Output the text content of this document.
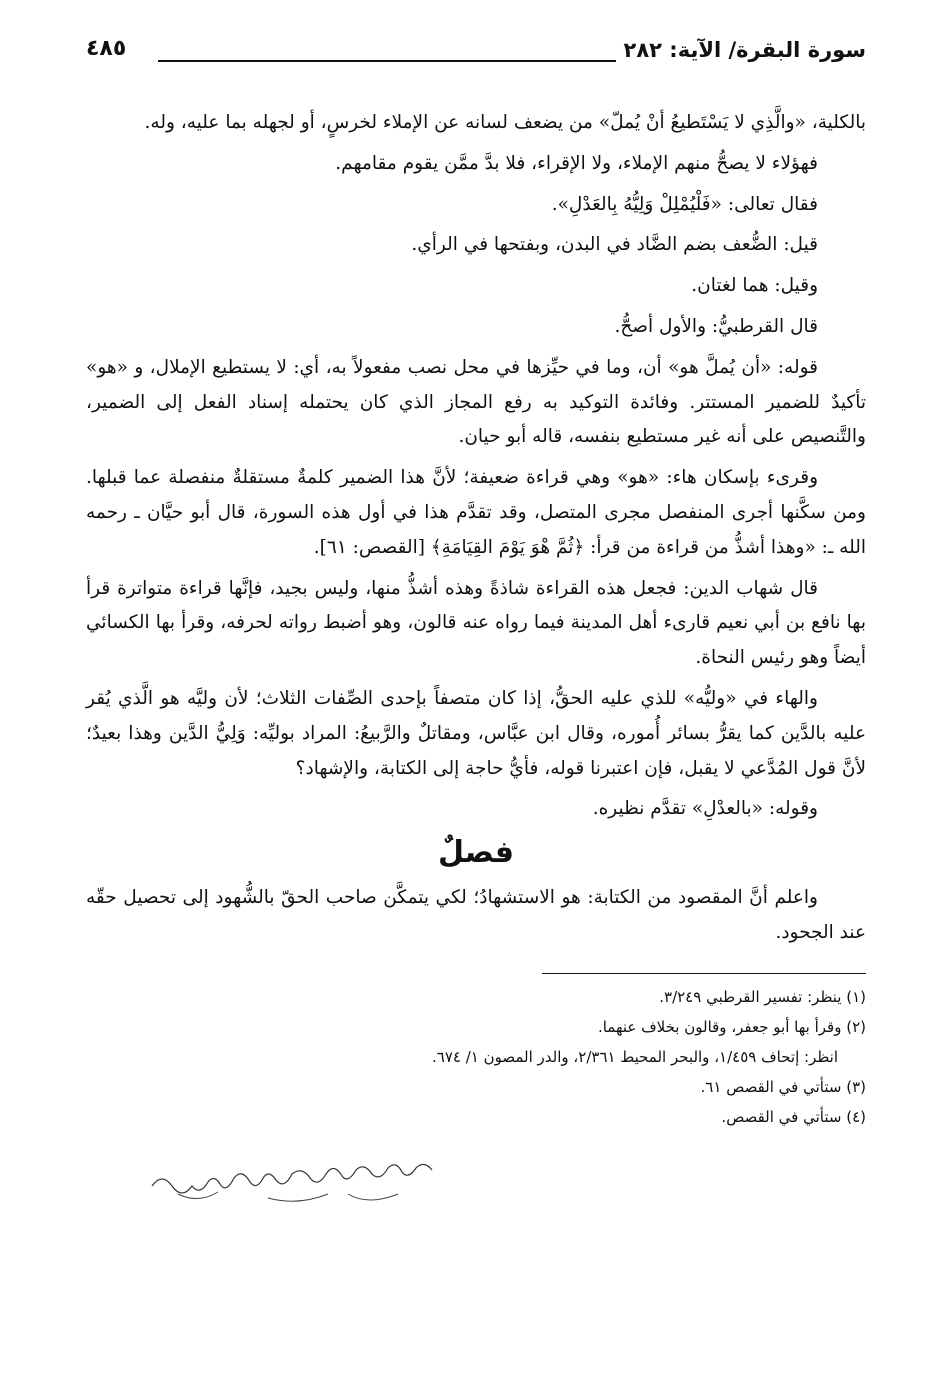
سورة البقرة/ الآية: ٢٨٢
٤٨٥

بالكلية، «والَّذِي لا يَسْتَطيعُ أنْ يُملّ» من يضعف لسانه عن الإملاء لخرسٍ، أو لجهله بما عليه، وله.

فهؤلاء لا يصحُّ منهم الإملاء، ولا الإقراء، فلا بدَّ ممَّن يقوم مقامهم.

فقال تعالى: «فَلْيُمْلِلْ وَلِيُّهُ بِالعَدْلِ».

قيل: الضُّعف بضم الضَّاد في البدن، وبفتحها في الرأي.

وقيل: هما لغتان.

قال القرطبيُّ: والأول أصحُّ.

قوله: «أن يُملَّ هو» أن، وما في حيِّزها في محل نصب مفعولاً به، أي: لا يستطيع الإملال، و «هو» تأكيدٌ للضمير المستتر. وفائدة التوكيد به رفع المجاز الذي كان يحتمله إسناد الفعل إلى الضمير، والتَّنصيص على أنه غير مستطيع بنفسه، قاله أبو حيان.

وقرىء بإسكان هاء: «هو» وهي قراءة ضعيفة؛ لأنَّ هذا الضمير كلمةٌ مستقلةٌ منفصلة عما قبلها. ومن سكَّنها أجرى المنفصل مجرى المتصل، وقد تقدَّم هذا في أول هذه السورة، قال أبو حيَّان ـ رحمه الله ـ: «وهذا أشذُّ من قراءة من قرأ: ﴿ثُمَّ هْوَ يَوْمَ القِيَامَةِ﴾ [القصص: ٦١].

قال شهاب الدين: فجعل هذه القراءة شاذةً وهذه أشذُّ منها، وليس بجيد، فإنَّها قراءة متواترة قرأ بها نافع بن أبي نعيم قارىء أهل المدينة فيما رواه عنه قالون، وهو أضبط رواته لحرفه، وقرأ بها الكسائي أيضاً وهو رئيس النحاة.

والهاء في «وليُّه» للذي عليه الحقُّ، إذا كان متصفاً بإحدى الصِّفات الثلاث؛ لأن وليَّه هو الَّذي يُقر عليه بالدَّين كما يقرُّ بسائر أُموره، وقال ابن عبَّاس، ومقاتلٌ والرَّبيعُ: المراد بوليِّه: وَلِيُّ الدَّين وهذا بعيدٌ؛ لأنَّ قول المُدَّعي لا يقبل، فإن اعتبرنا قوله، فأيُّ حاجة إلى الكتابة، والإشهاد؟

وقوله: «بالعدْلِ» تقدَّم نظيره.

فصلٌ

واعلم أنَّ المقصود من الكتابة: هو الاستشهادُ؛ لكي يتمكَّن صاحب الحقّ بالشُّهود إلى تحصيل حقّه عند الجحود.

(١) ينظر: تفسير القرطبي ٣/٢٤٩.

(٢) وقرأ بها أبو جعفر، وقالون بخلاف عنهما.

انظر: إتحاف ١/٤٥٩، والبحر المحيط ٢/٣٦١، والدر المصون ١/ ٦٧٤.

(٣) ستأتي في القصص ٦١.

(٤) ستأتي في القصص.
